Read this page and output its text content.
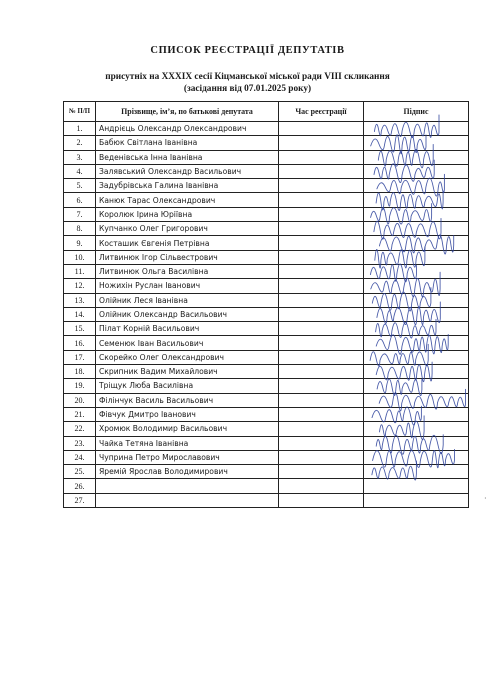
СПИСОК РЕЄСТРАЦІЇ ДЕПУТАТІВ
присутніх на ХХХІХ сесії Кіцманської міської ради VIII скликання
(засідання від 07.01.2025 року)
№ П/П	Прізвище, ім’я, по батькові депутата	Час реєстрації	Підпис
1.	Андрієць Олександр Олександрович		
2.	Бабюк Світлана Іванівна		
3.	Веденівська Інна Іванівна		
4.	Залявський Олександр Васильович		
5.	Задубрівська Галина Іванівна		
6.	Канюк Тарас Олександрович		
7.	Королюк Ірина Юріївна		
8.	Купчанко Олег Григорович		
9.	Косташик Євгенія Петрівна		
10.	Литвинюк Ігор Сільвестрович		
11.	Литвинюк Ольга Василівна		
12.	Ножихін Руслан Іванович		
13.	Олійник Леся Іванівна		
14.	Олійник Олександр Васильович		
15.	Пілат Корній Васильович		
16.	Семенюк Іван Васильович		
17.	Скорейко Олег Олександрович		
18.	Скрипник Вадим Михайлович		
19.	Тріщук Люба Василівна		
20.	Філінчук Василь Васильович		
21.	Фівчук Дмитро Іванович		
22.	Хромюк Володимир Васильович		
23.	Чайка Тетяна Іванівна		
24.	Чуприна Петро Мирославович		
25.	Яремій Ярослав Володимирович		
26.			
27.				·
